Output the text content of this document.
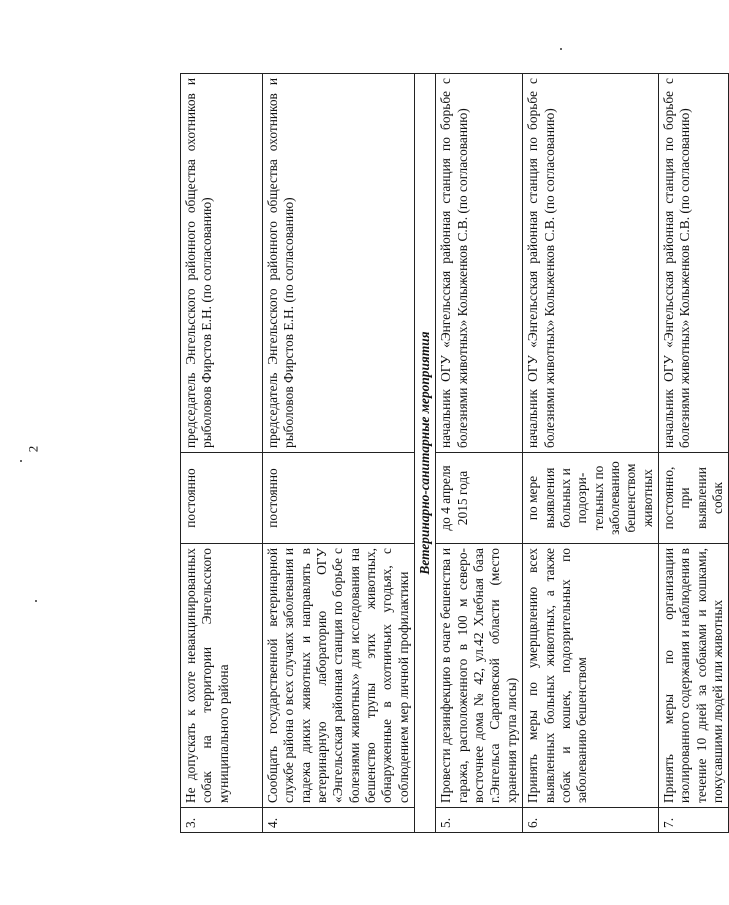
2
3.	Не допускать к охоте невакцинированных собак на территории Энгельсского муниципального района	постоянно	председатель Энгельсского районного общества охотников и рыболовов Фирстов Е.Н. (по согласованию)
4.	Сообщать государственной ветеринарной службе района о всех случаях заболевания и падежа диких животных и направлять в ветеринарную лабораторию ОГУ «Энгельсская районная станция по борьбе с болезнями животных» для исследования на бешенство трупы этих животных, обнаруженные в охотничьих угодьях, с соблюдением мер личной профилактики	постоянно	председатель Энгельсского районного общества охотников и рыболовов Фирстов Е.Н. (по согласованию)
Ветеринарно-санитарные мероприятия			
5.	Провести дезинфекцию в очаге бешенства и гаража, расположенного в 100 м северо-восточнее дома № 42, ул.42 Хлебная база г.Энгельса Саратовской области (место хранения трупа лисы)	до 4 апреля 2015 года	начальник ОГУ «Энгельсская районная станция по борьбе с болезнями животных» Колыженков С.В. (по согласованию)
6.	Принять меры по умерщвлению всех выявленных больных животных, а также собак и кошек, подозрительных по заболеванию бешенством	по мере выявления больных и подозри-тельных по заболеванию бешенством животных	начальник ОГУ «Энгельсская районная станция по борьбе с болезнями животных» Колыженков С.В. (по согласованию)
7.	Принять меры по организации изолированного содержания и наблюдения в течение 10 дней за собаками и кошками, покусавшими людей или животных	постоянно, при выявлении собак	начальник ОГУ «Энгельсская районная станция по борьбе с болезнями животных» Колыженков С.В. (по согласованию)
